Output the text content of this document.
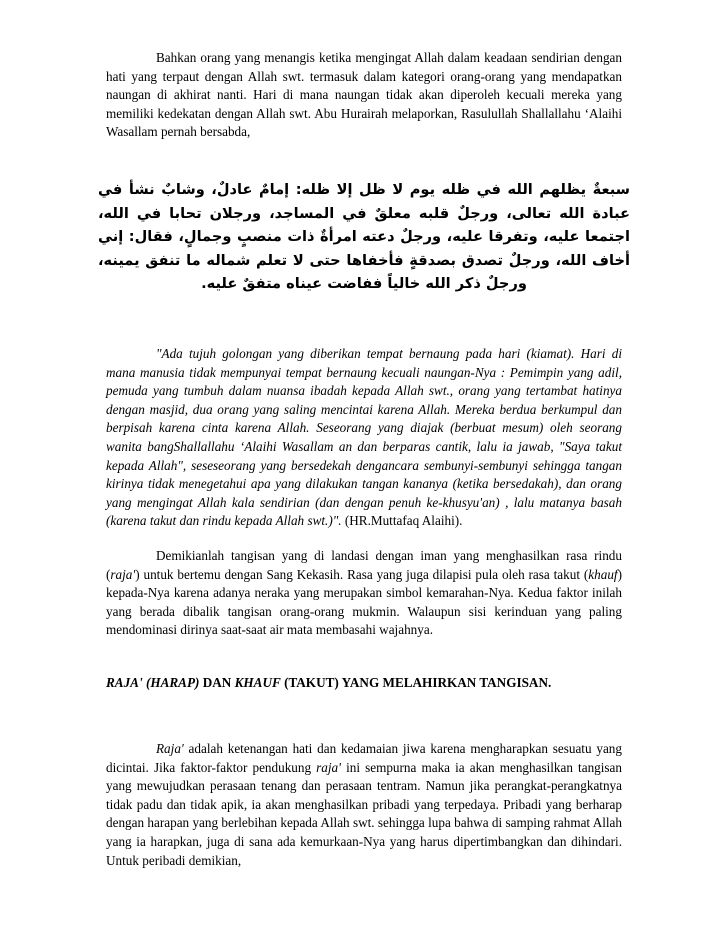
Bahkan orang yang menangis ketika mengingat Allah dalam keadaan sendirian dengan hati yang terpaut dengan Allah swt. termasuk dalam kategori orang-orang yang mendapatkan naungan di akhirat nanti. Hari di mana naungan tidak akan diperoleh kecuali mereka yang memiliki kedekatan dengan Allah swt. Abu Hurairah melaporkan, Rasulullah Shallallahu ‘Alaihi Wasallam pernah bersabda,

سبعةٌ يظلهم الله في ظله يوم لا ظل إلا ظله: إمامٌ عادلٌ، وشابٌ نشأ في عبادة الله تعالى، ورجلٌ قلبه معلقٌ في المساجد، ورجلان تحابا في الله، اجتمعا عليه، وتفرقا عليه، ورجلٌ دعته امرأةٌ ذات منصبٍ وجمالٍ، فقال: إني أخاف الله، ورجلٌ تصدق بصدقةٍ فأخفاها حتى لا تعلم شماله ما تنفق يمينه، ورجلٌ ذكر الله خالياً ففاضت عيناه متفقٌ عليه.

"Ada tujuh golongan yang diberikan tempat bernaung pada hari (kiamat). Hari di mana manusia tidak mempunyai tempat bernaung kecuali naungan-Nya : Pemimpin yang adil, pemuda yang tumbuh dalam nuansa ibadah kepada Allah swt., orang yang tertambat hatinya dengan masjid, dua orang yang saling mencintai karena Allah. Mereka berdua berkumpul dan berpisah karena cinta karena Allah. Seseorang yang diajak (berbuat mesum) oleh seorang wanita bangShallallahu ‘Alaihi Wasallam an dan berparas cantik, lalu ia jawab, "Saya takut kepada Allah", seseseorang yang bersedekah dengancara sembunyi-sembunyi sehingga tangan kirinya tidak menegetahui apa yang dilakukan tangan kananya (ketika bersedakah), dan orang yang mengingat Allah kala sendirian (dan dengan penuh ke-khusyu'an) , lalu matanya basah (karena takut dan rindu kepada Allah swt.)". (HR.Muttafaq Alaihi).

Demikianlah tangisan yang di landasi dengan iman yang menghasilkan rasa rindu (raja') untuk bertemu dengan Sang Kekasih. Rasa yang juga dilapisi pula oleh rasa takut (khauf) kepada-Nya karena adanya neraka yang merupakan simbol kemarahan-Nya. Kedua faktor inilah yang berada dibalik tangisan orang-orang mukmin. Walaupun sisi kerinduan yang paling mendominasi dirinya saat-saat air mata membasahi wajahnya.

RAJA' (HARAP) DAN KHAUF (TAKUT) YANG MELAHIRKAN TANGISAN.

Raja' adalah ketenangan hati dan kedamaian jiwa karena mengharapkan sesuatu yang dicintai. Jika faktor-faktor pendukung raja' ini sempurna maka ia akan menghasilkan tangisan yang mewujudkan perasaan tenang dan perasaan tentram. Namun jika perangkat-perangkatnya tidak padu dan tidak apik, ia akan menghasilkan pribadi yang terpedaya. Pribadi yang berharap dengan harapan yang berlebihan kepada Allah swt. sehingga lupa bahwa di samping rahmat Allah yang ia harapkan, juga di sana ada kemurkaan-Nya yang harus dipertimbangkan dan dihindari. Untuk peribadi demikian,
